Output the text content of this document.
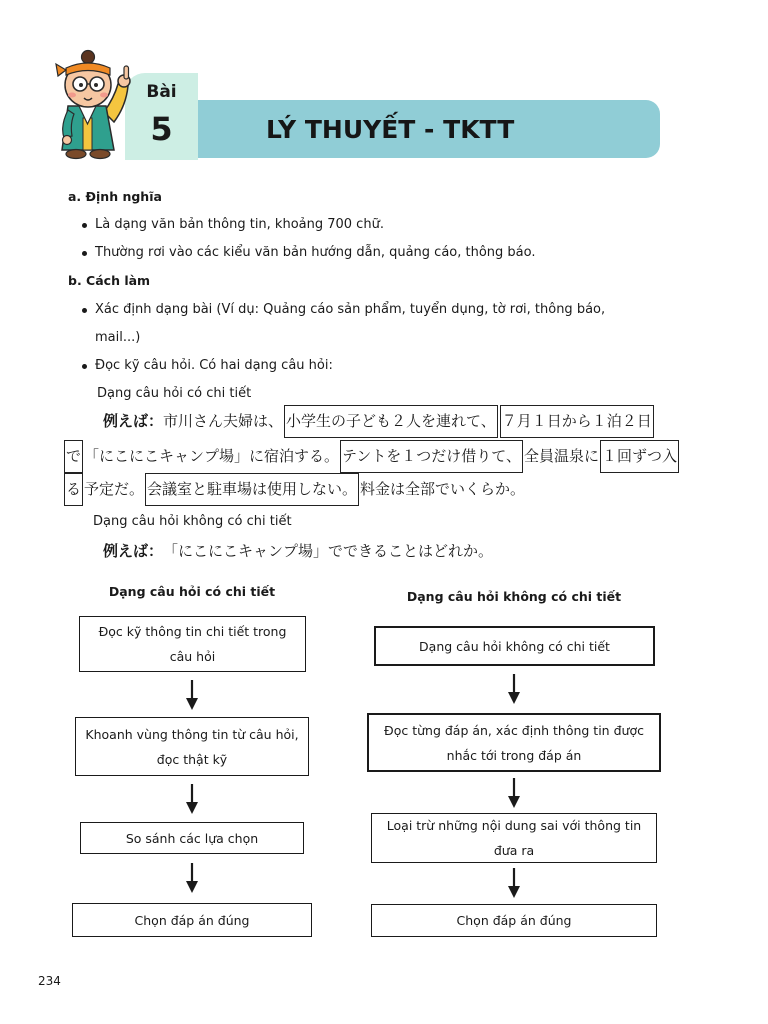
Bài
5	LÝ THUYẾT - TKTT
a. Định nghĩa
Là dạng văn bản thông tin, khoảng 700 chữ.
Thường rơi vào các kiểu văn bản hướng dẫn, quảng cáo, thông báo.
b. Cách làm
Xác định dạng bài (Ví dụ: Quảng cáo sản phẩm, tuyển dụng, tờ rơi, thông báo,
mail...)
Đọc kỹ câu hỏi. Có hai dạng câu hỏi:
Dạng câu hỏi có chi tiết
例えば：市川さん夫婦は、 小学生の子ども２人を連れて、 ７月１日から１泊２日
で 「にこにこキャンプ場」に宿泊する。 テントを１つだけ借りて、 全員温泉に １回ずつ入
る 予定だ。 会議室と駐車場は使用しない。 料金は全部でいくらか。
Dạng câu hỏi không có chi tiết
例えば：「にこにこキャンプ場」でできることはどれか。
Dạng câu hỏi có chi tiết
Đọc kỹ thông tin chi tiết trong
câu hỏi
Khoanh vùng thông tin từ câu hỏi,
đọc thật kỹ
So sánh các lựa chọn
Chọn đáp án đúng
Dạng câu hỏi không có chi tiết
Dạng câu hỏi không có chi tiết
Đọc từng đáp án, xác định thông tin được
nhắc tới trong đáp án
Loại trừ những nội dung sai với thông tin
đưa ra
Chọn đáp án đúng
234
